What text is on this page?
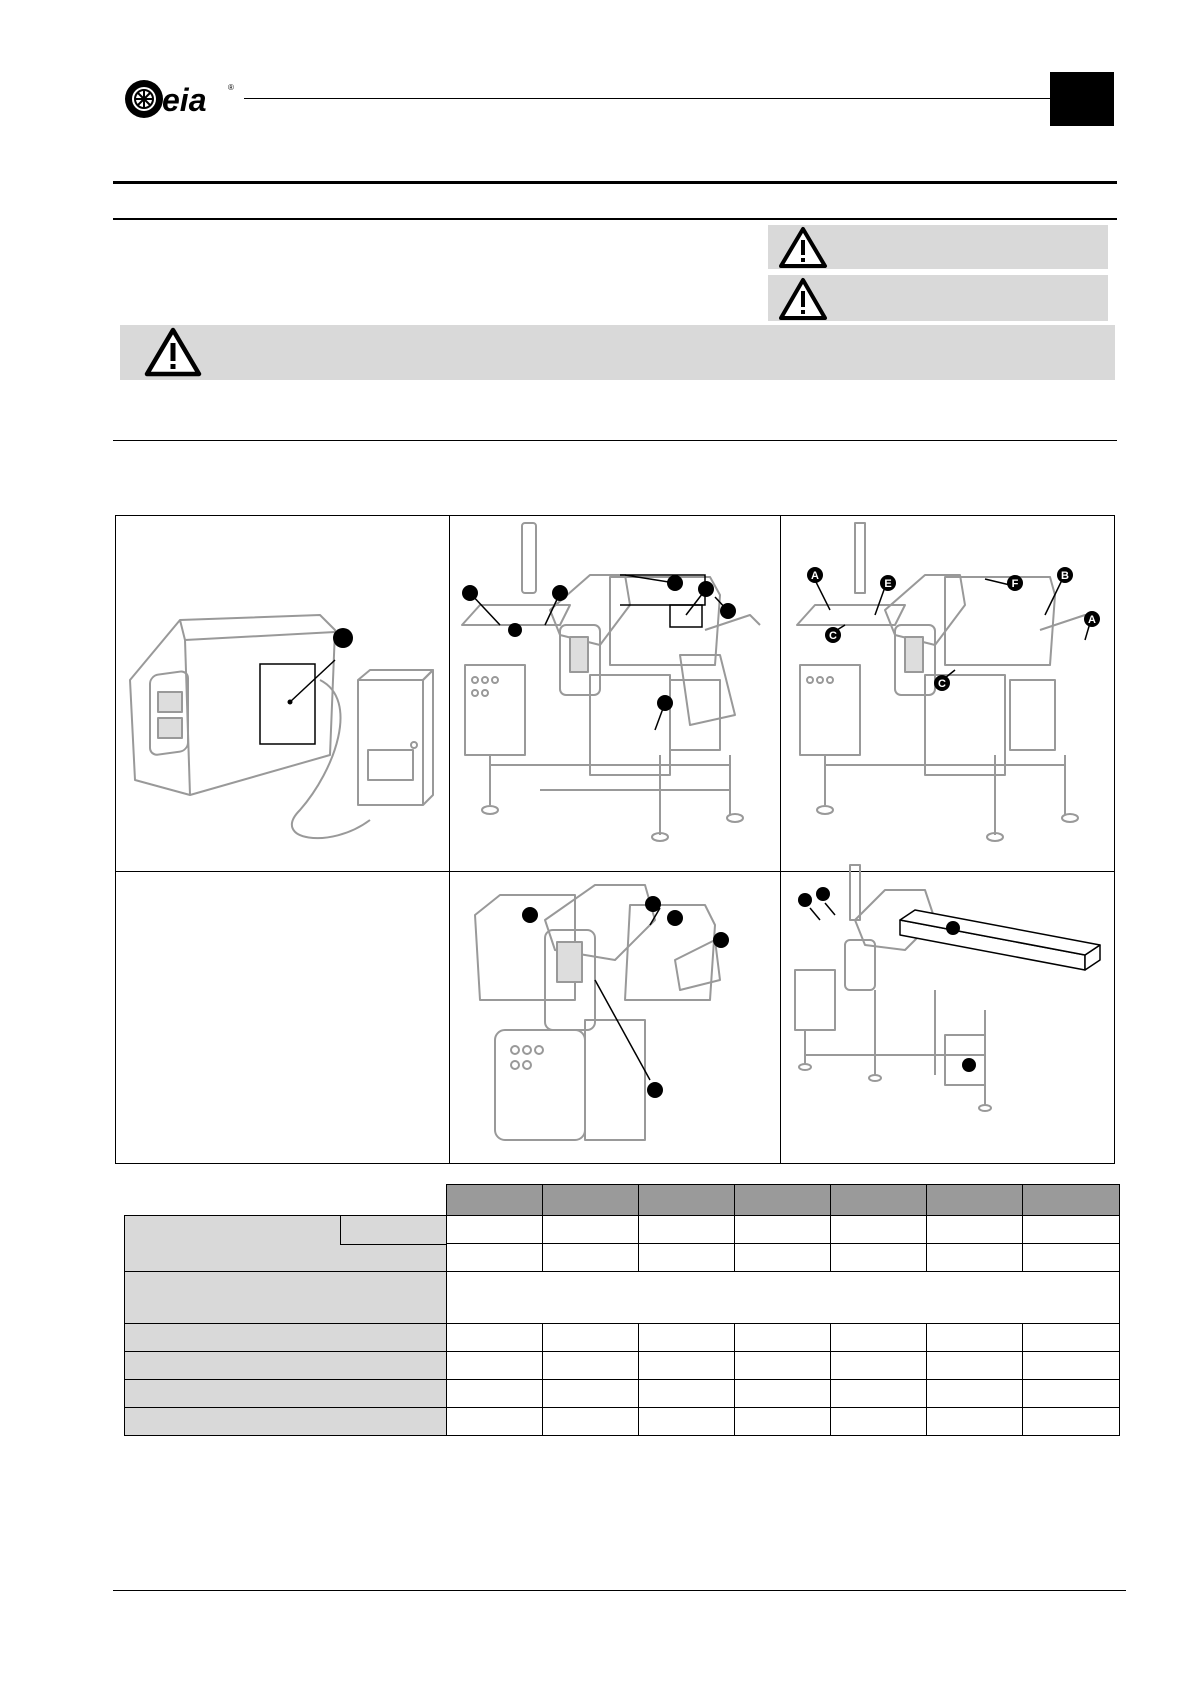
eia	®
A
E	F
B
A
C
C
